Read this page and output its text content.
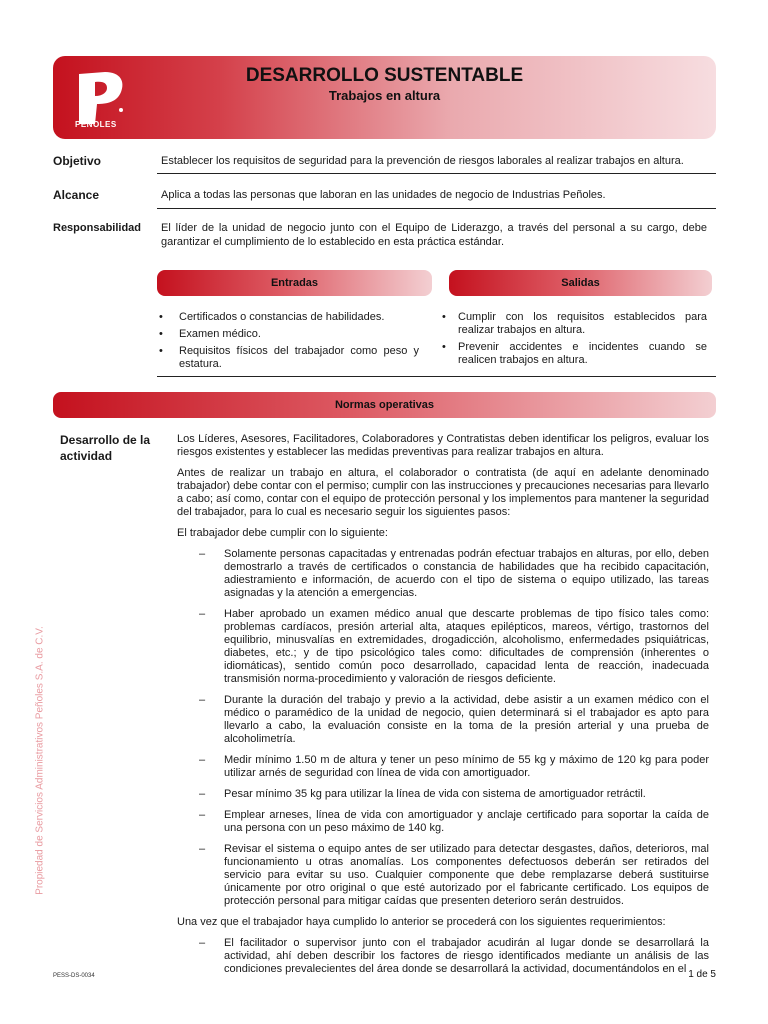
PEÑOLES
DESARROLLO SUSTENTABLE
Trabajos en altura
Objetivo	Establecer los requisitos de seguridad para la prevención de riesgos laborales al realizar trabajos en altura.
Alcance	Aplica a todas las personas que laboran en las unidades de negocio de Industrias Peñoles.
Responsabilidad El líder de la unidad de negocio junto con el Equipo de Liderazgo, a través del personal a su cargo, debe garantizar el cumplimiento de lo establecido en esta práctica estándar.
Entradas	Salidas
• Certificados o constancias de habilidades.
• Examen médico.
• Requisitos físicos del trabajador como peso y estatura.
• Cumplir con los requisitos establecidos para realizar trabajos en altura.
• Prevenir accidentes e incidentes cuando se realicen trabajos en altura.
Normas operativas
Desarrollo de la actividad

Los Líderes, Asesores, Facilitadores, Colaboradores y Contratistas deben identificar los peligros, evaluar los riesgos existentes y establecer las medidas preventivas para realizar trabajos en altura.

Antes de realizar un trabajo en altura, el colaborador o contratista (de aquí en adelante denominado trabajador) debe contar con el permiso; cumplir con las instrucciones y precauciones necesarias para llevarlo a cabo; así como, contar con el equipo de protección personal y los implementos para mantener la seguridad del trabajador, para lo cual es necesario seguir los siguientes pasos:

El trabajador debe cumplir con lo siguiente:

– Solamente personas capacitadas y entrenadas podrán efectuar trabajos en alturas, por ello, deben demostrarlo a través de certificados o constancia de habilidades que ha recibido capacitación, adiestramiento e información, de acuerdo con el tipo de sistema o equipo utilizado, las tareas asignadas y la atención a emergencias.
– Haber aprobado un examen médico anual que descarte problemas de tipo físico tales como: problemas cardíacos, presión arterial alta, ataques epilépticos, mareos, vértigo, trastornos del equilibrio, minusvalías en extremidades, drogadicción, alcoholismo, enfermedades psiquiátricas, diabetes, etc.; y de tipo psicológico tales como: dificultades de comprensión (inherentes o idiomáticas), sentido común poco desarrollado, capacidad lenta de reacción, inadecuada transmisión norma-procedimiento y valoración de riesgos deficiente.
– Durante la duración del trabajo y previo a la actividad, debe asistir a un examen médico con el médico o paramédico de la unidad de negocio, quien determinará si el trabajador es apto para llevarlo a cabo, la evaluación consiste en la toma de la presión arterial y una prueba de alcoholimetría.
– Medir mínimo 1.50 m de altura y tener un peso mínimo de 55 kg y máximo de 120 kg para poder utilizar arnés de seguridad con línea de vida con amortiguador.
– Pesar mínimo 35 kg para utilizar la línea de vida con sistema de amortiguador retráctil.
– Emplear arneses, línea de vida con amortiguador y anclaje certificado para soportar la caída de una persona con un peso máximo de 140 kg.
– Revisar el sistema o equipo antes de ser utilizado para detectar desgastes, daños, deterioros, mal funcionamiento u otras anomalías. Los componentes defectuosos deberán ser retirados del servicio para evitar su uso. Cualquier componente que debe remplazarse deberá sustituirse únicamente por otro original o que esté autorizado por el fabricante certificado. Los equipos de protección personal para mitigar caídas que presenten deterioro serán destruidos.

Una vez que el trabajador haya cumplido lo anterior se procederá con los siguientes requerimientos:

– El facilitador o supervisor junto con el trabajador acudirán al lugar donde se desarrollará la actividad, ahí deben describir los factores de riesgo identificados mediante un análisis de las condiciones prevalecientes del área donde se desarrollará la actividad, documentándolos en el
Propiedad de Servicios Administrativos Peñoles S.A. de C.V.
PESS-DS-0034	1 de 5
